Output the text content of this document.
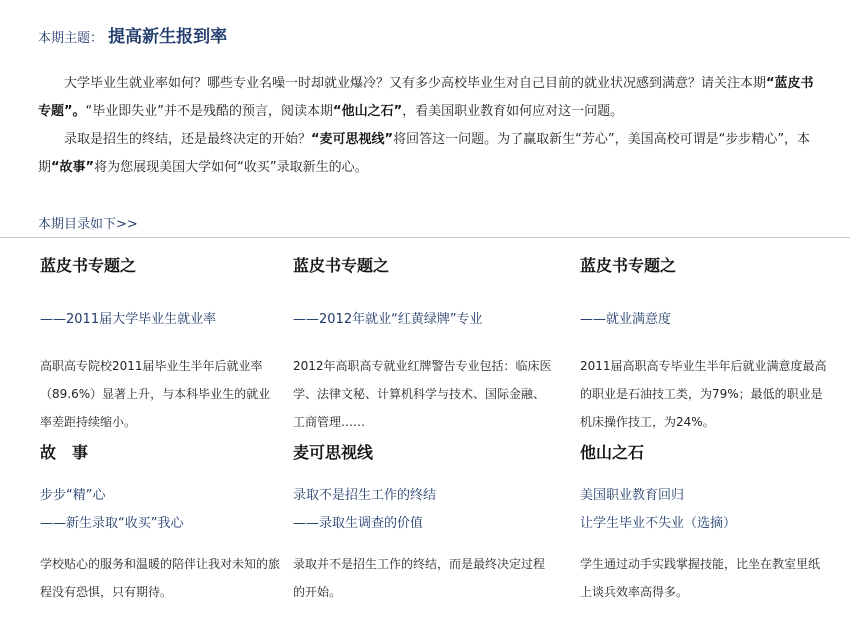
本期主题： 提高新生报到率

大学毕业生就业率如何？哪些专业名噪一时却就业爆冷？又有多少高校毕业生对自己目前的就业状况感到满意？请关注本期“蓝皮书专题”。“毕业即失业”并不是残酷的预言，阅读本期“他山之石”，看美国职业教育如何应对这一问题。

录取是招生的终结，还是最终决定的开始？“麦可思视线”将回答这一问题。为了赢取新生“芳心”，美国高校可谓是“步步精心”，本期“故事”将为您展现美国大学如何“收买”录取新生的心。

本期目录如下>>
蓝皮书专题之
——2011届大学毕业生就业率
高职高专院校2011届毕业生半年后就业率（89.6%）显著上升，与本科毕业生的就业率差距持续缩小。
蓝皮书专题之
——2012年就业“红黄绿牌”专业
2012年高职高专就业红牌警告专业包括：临床医学、法律文秘、计算机科学与技术、国际金融、工商管理……
蓝皮书专题之
——就业满意度
2011届高职高专毕业生半年后就业满意度最高的职业是石油技工类，为79%；最低的职业是机床操作技工，为24%。
故　事
步步“精”心
——新生录取“收买”我心
学校贴心的服务和温暖的陪伴让我对未知的旅程没有恐惧，只有期待。
麦可思视线
录取不是招生工作的终结
——录取生调查的价值
录取并不是招生工作的终结，而是最终决定过程的开始。
他山之石
美国职业教育回归
让学生毕业不失业（选摘）
学生通过动手实践掌握技能，比坐在教室里纸上谈兵效率高得多。
